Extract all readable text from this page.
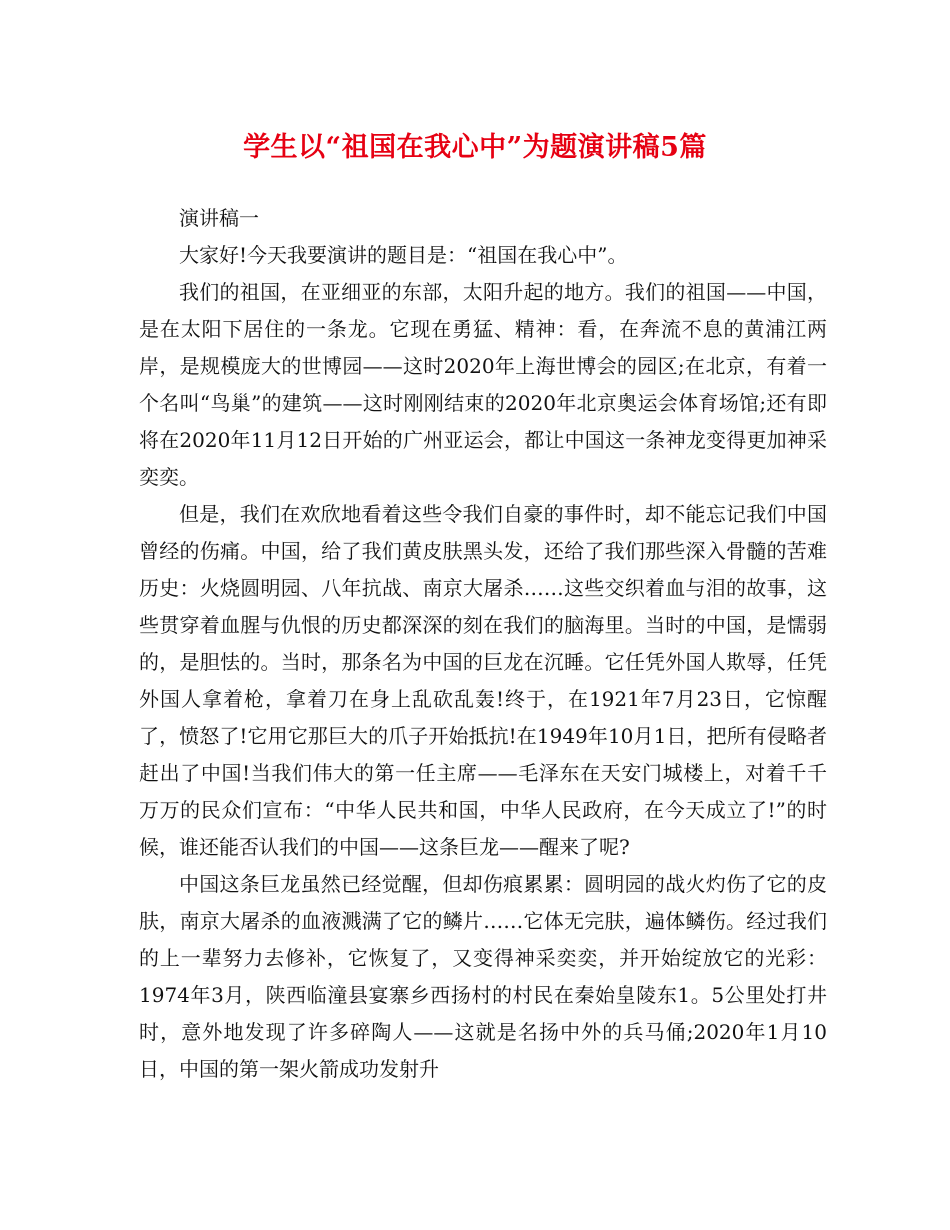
学生以“祖国在我心中”为题演讲稿5篇

演讲稿一

大家好!今天我要演讲的题目是：“祖国在我心中”。

我们的祖国，在亚细亚的东部，太阳升起的地方。我们的祖国——中国，是在太阳下居住的一条龙。它现在勇猛、精神：看，在奔流不息的黄浦江两岸，是规模庞大的世博园——这时2020年上海世博会的园区;在北京，有着一个名叫“鸟巢”的建筑——这时刚刚结束的2020年北京奥运会体育场馆;还有即将在2020年11月12日开始的广州亚运会，都让中国这一条神龙变得更加神采奕奕。

但是，我们在欢欣地看着这些令我们自豪的事件时，却不能忘记我们中国曾经的伤痛。中国，给了我们黄皮肤黑头发，还给了我们那些深入骨髓的苦难历史：火烧圆明园、八年抗战、南京大屠杀……这些交织着血与泪的故事，这些贯穿着血腥与仇恨的历史都深深的刻在我们的脑海里。当时的中国，是懦弱的，是胆怯的。当时，那条名为中国的巨龙在沉睡。它任凭外国人欺辱，任凭外国人拿着枪，拿着刀在身上乱砍乱轰!终于，在1921年7月23日，它惊醒了，愤怒了!它用它那巨大的爪子开始抵抗!在1949年10月1日，把所有侵略者赶出了中国!当我们伟大的第一任主席——毛泽东在天安门城楼上，对着千千万万的民众们宣布：“中华人民共和国，中华人民政府，在今天成立了!”的时候，谁还能否认我们的中国——这条巨龙——醒来了呢?

中国这条巨龙虽然已经觉醒，但却伤痕累累：圆明园的战火灼伤了它的皮肤，南京大屠杀的血液溅满了它的鳞片……它体无完肤，遍体鳞伤。经过我们的上一辈努力去修补，它恢复了，又变得神采奕奕，并开始绽放它的光彩：1974年3月，陕西临潼县宴寨乡西扬村的村民在秦始皇陵东1。5公里处打井时，意外地发现了许多碎陶人——这就是名扬中外的兵马俑;2020年1月10日，中国的第一架火箭成功发射升
